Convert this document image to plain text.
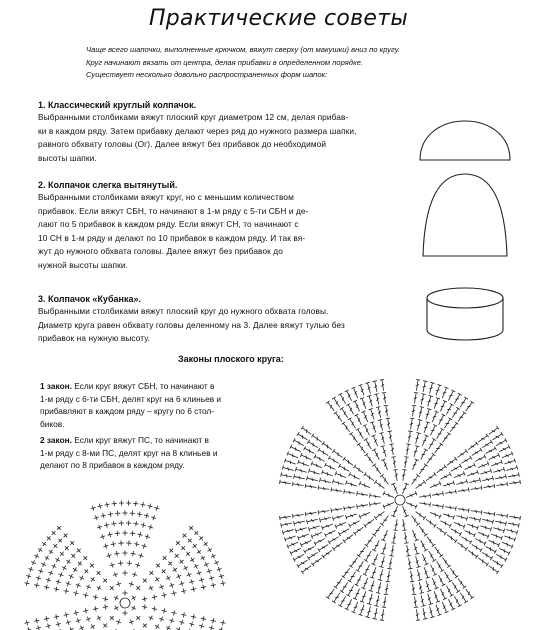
Практические советы

Чаще всего шапочки, выполненные крючком, вяжут сверху (от макушки) вниз по кругу.

Круг начинают вязать от центра, делая прибавки в определенном порядке.

Существует несколько довольно распространенных форм шапок:

1. Классический круглый колпачок.
Выбранными столбиками вяжут плоский круг диаметром 12 см, делая прибав-
ки в каждом ряду. Затем прибавку делают через ряд до нужного размера шапки,
равного обхвату головы (Ог). Далее вяжут без прибавок до необходимой
высоты шапки.
2. Колпачок слегка вытянутый.
Выбранными столбиками вяжут круг, но с меньшим количеством
прибавок. Если вяжут СБН, то начинают в 1-м ряду с 5-ти СБН и де-
лают по 5 прибавок в каждом ряду. Если вяжут СН, то начинают с
10 СН в 1-м ряду и делают по 10 прибавок в каждом ряду. И так вя-
жут до нужного обхвата головы. Далее вяжут без прибавок до
нужной высоты шапки.
3. Колпачок «Кубанка».
Выбранными столбиками вяжут плоский круг до нужного обхвата головы.
Диаметр круга равен обхвату головы деленному на 3. Далее вяжут тулью без
прибавок на нужную высоту.
Законы плоского круга:
1 закон. Если круг вяжут СБН, то начинают в
1-м ряду с 6-ти СБН, делят круг на 6 клиньев и
прибавляют в каждом ряду – кругу по 6 стол-
биков.
2 закон. Если круг вяжут ПС, то начинают в
1-м ряду с 8-ми ПС, делят круг на 8 клиньев и
делают по 8 прибавок в каждом ряду.
